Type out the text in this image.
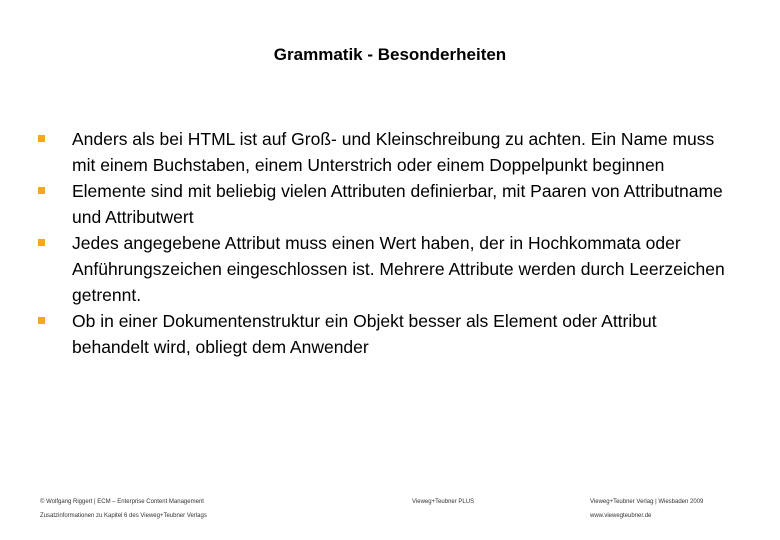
Grammatik - Besonderheiten
Anders als bei HTML ist auf Groß- und Kleinschreibung zu achten. Ein Name muss mit einem Buchstaben, einem Unterstrich oder einem Doppelpunkt beginnen
Elemente sind mit beliebig vielen Attributen definierbar, mit Paaren von Attributname und Attributwert
Jedes angegebene Attribut muss einen Wert haben, der in Hochkommata oder Anführungszeichen eingeschlossen ist. Mehrere Attribute werden durch Leerzeichen getrennt.
Ob in einer Dokumentenstruktur ein Objekt besser als Element oder Attribut behandelt wird, obliegt dem Anwender
© Wolfgang Riggert | ECM – Enterprise Content Management
Zusatzinformationen zu Kapitel 6 des Vieweg+Teubner Verlags
Vieweg+Teubner PLUS	Vieweg+Teubner Verlag | Wiesbaden 2009
www.viewegteubner.de
